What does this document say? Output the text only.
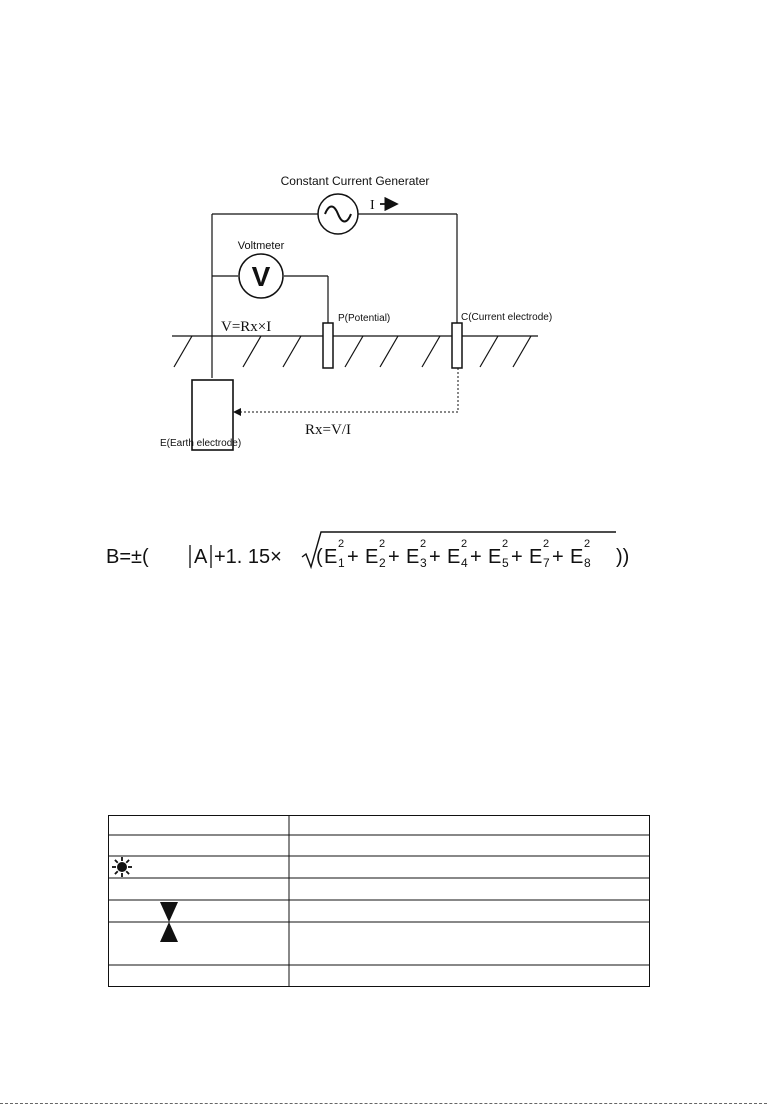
Constant Current Generater
I
Voltmeter
V
V=Rx×I
P(Potential)	C(Current electrode)
E(Earth electrode)
Rx=V/I
B=±( A +1. 15× ( E 1
2
+ E 2
2
+ E 3
2
+ E 4
2
+ E 5
2
+ E 7
2
+ E 8
2
))
